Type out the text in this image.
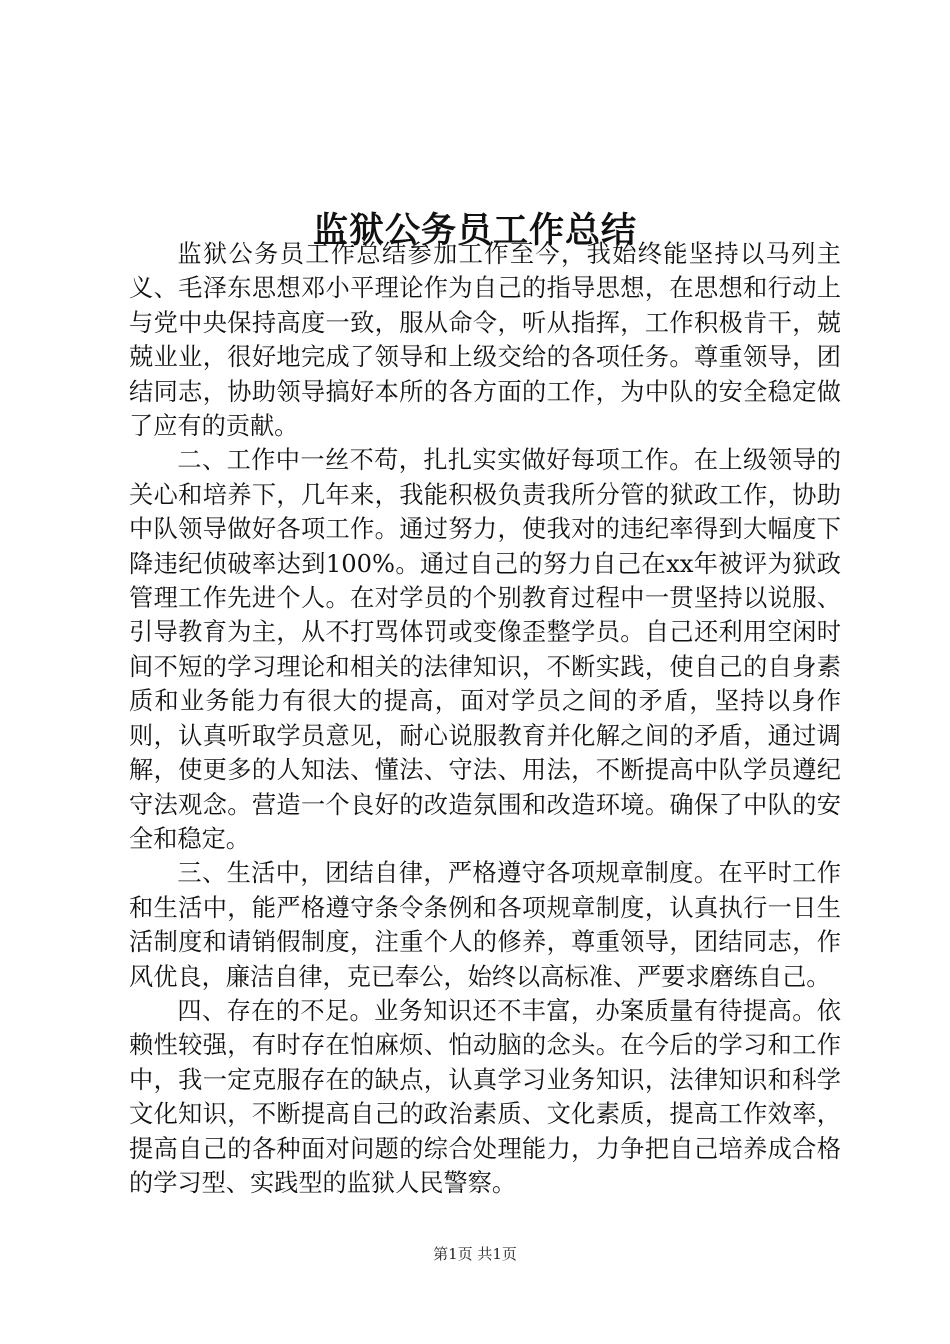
监狱公务员工作总结

监狱公务员工作总结参加工作至今，我始终能坚持以马列主义、毛泽东思想邓小平理论作为自己的指导思想，在思想和行动上与党中央保持高度一致，服从命令，听从指挥，工作积极肯干，兢兢业业，很好地完成了领导和上级交给的各项任务。尊重领导，团结同志，协助领导搞好本所的各方面的工作，为中队的安全稳定做了应有的贡献。

二、工作中一丝不苟，扎扎实实做好每项工作。在上级领导的关心和培养下，几年来，我能积极负责我所分管的狱政工作，协助中队领导做好各项工作。通过努力，使我对的违纪率得到大幅度下降违纪侦破率达到100%。通过自己的努力自己在xx年被评为狱政管理工作先进个人。在对学员的个别教育过程中一贯坚持以说服、引导教育为主，从不打骂体罚或变像歪整学员。自己还利用空闲时间不短的学习理论和相关的法律知识，不断实践，使自己的自身素质和业务能力有很大的提高，面对学员之间的矛盾，坚持以身作则，认真听取学员意见，耐心说服教育并化解之间的矛盾，通过调解，使更多的人知法、懂法、守法、用法，不断提高中队学员遵纪守法观念。营造一个良好的改造氛围和改造环境。确保了中队的安全和稳定。

三、生活中，团结自律，严格遵守各项规章制度。在平时工作和生活中，能严格遵守条令条例和各项规章制度，认真执行一日生活制度和请销假制度，注重个人的修养，尊重领导，团结同志，作风优良，廉洁自律，克已奉公，始终以高标准、严要求磨练自己。

四、存在的不足。业务知识还不丰富，办案质量有待提高。依赖性较强，有时存在怕麻烦、怕动脑的念头。在今后的学习和工作中，我一定克服存在的缺点，认真学习业务知识，法律知识和科学文化知识，不断提高自己的政治素质、文化素质，提高工作效率，提高自己的各种面对问题的综合处理能力，力争把自己培养成合格的学习型、实践型的监狱人民警察。

第1页 共1页
